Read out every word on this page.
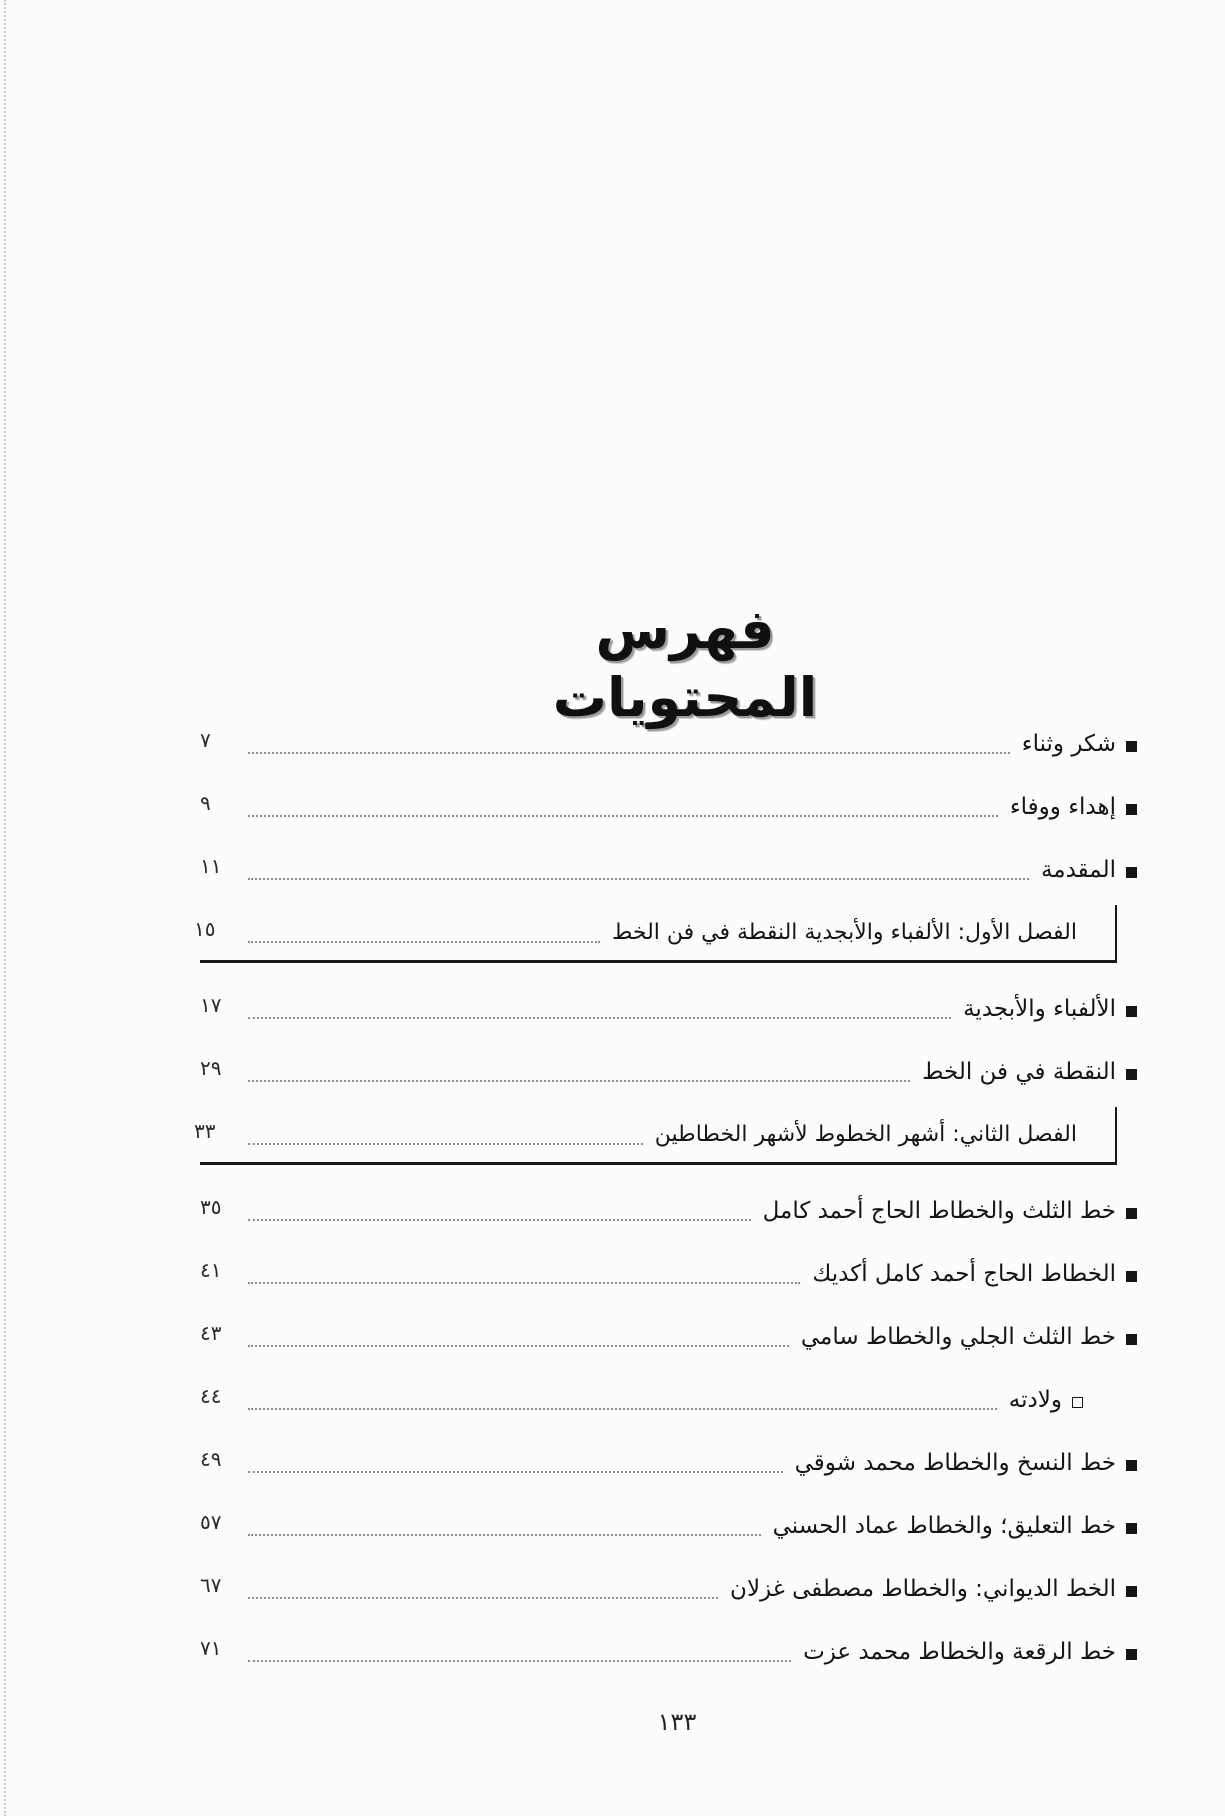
فهرس المحتويات
شكر وثناء
٧
إهداء ووفاء
٩
المقدمة
١١
الفصل الأول: الألفباء والأبجدية النقطة في فن الخط
١٥
الألفباء والأبجدية
١٧
النقطة في فن الخط
٢٩
الفصل الثاني: أشهر الخطوط لأشهر الخطاطين
٣٣
خط الثلث والخطاط الحاج أحمد كامل
٣٥
الخطاط الحاج أحمد كامل أكديك
٤١
خط الثلث الجلي والخطاط سامي
٤٣
ولادته
٤٤
خط النسخ والخطاط محمد شوقي
٤٩
خط التعليق؛ والخطاط عماد الحسني
٥٧
الخط الديواني: والخطاط مصطفى غزلان
٦٧
خط الرقعة والخطاط محمد عزت
٧١
١٣٣
